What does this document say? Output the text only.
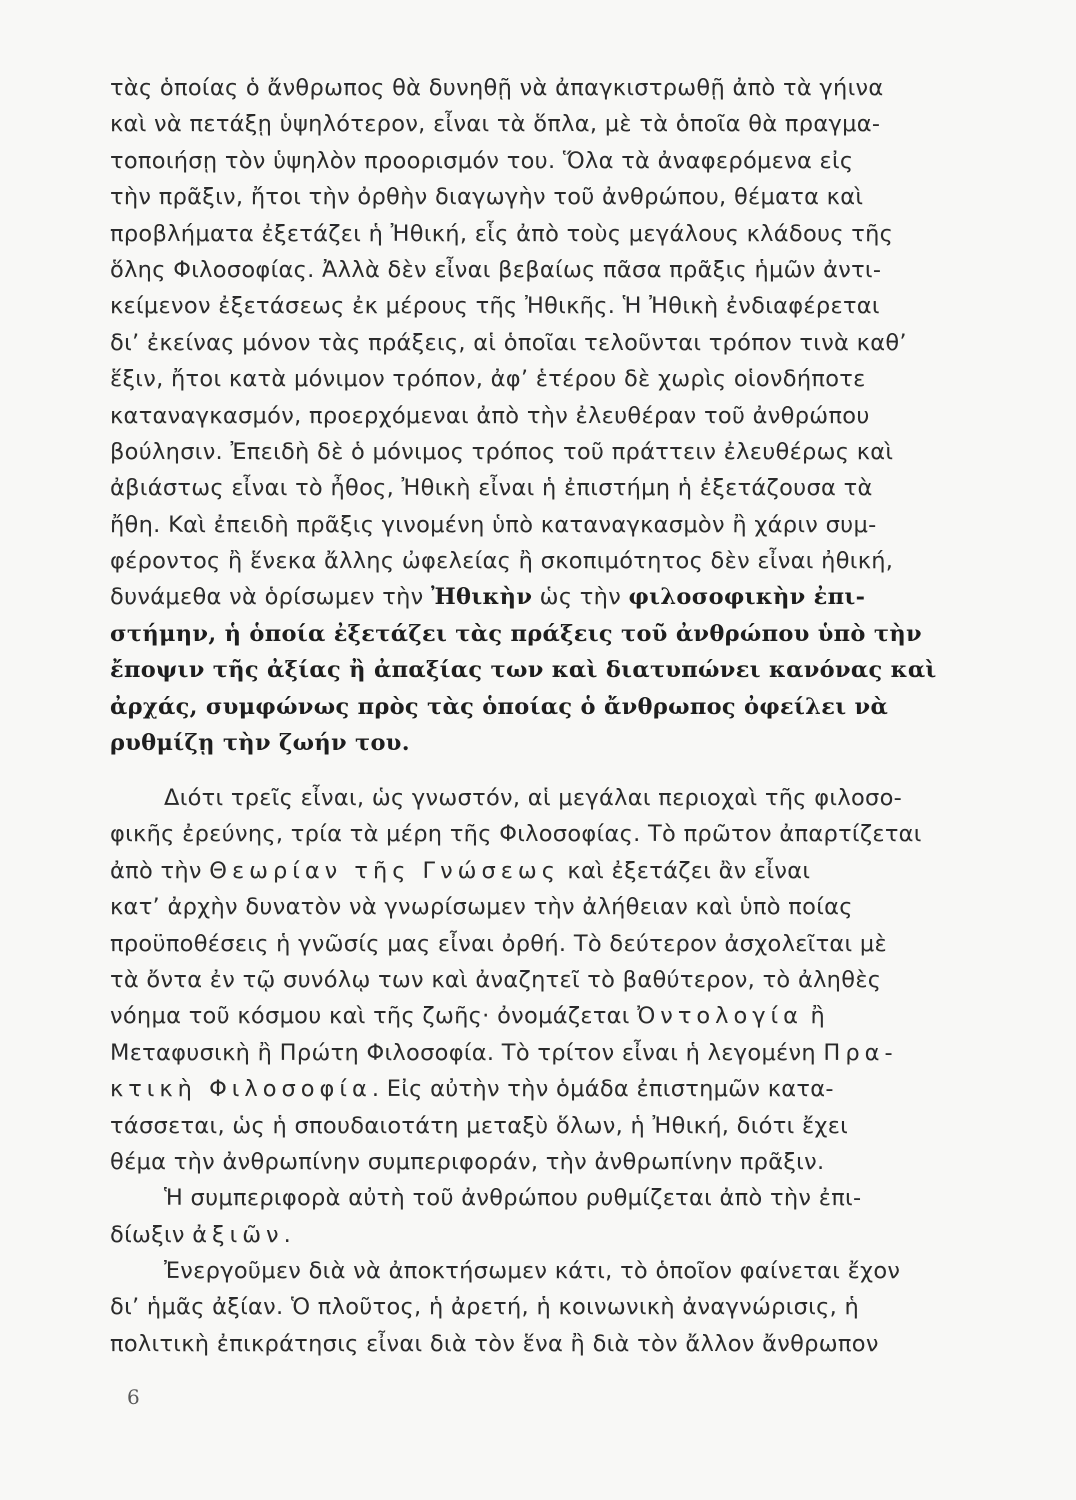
τὰς ὁποίας ὁ ἄνθρωπος θὰ δυνηθῇ νὰ ἀπαγκιστρωθῇ ἀπὸ τὰ γήινα
καὶ νὰ πετάξῃ ὑψηλότερον, εἶναι τὰ ὅπλα, μὲ τὰ ὁποῖα θὰ πραγμα-
τοποιήσῃ τὸν ὑψηλὸν προορισμόν του. Ὅλα τὰ ἀναφερόμενα εἰς
τὴν πρᾶξιν, ἤτοι τὴν ὀρθὴν διαγωγὴν τοῦ ἀνθρώπου, θέματα καὶ
προβλήματα ἐξετάζει ἡ Ἠθική, εἷς ἀπὸ τοὺς μεγάλους κλάδους τῆς
ὅλης Φιλοσοφίας. Ἀλλὰ δὲν εἶναι βεβαίως πᾶσα πρᾶξις ἡμῶν ἀντι-
κείμενον ἐξετάσεως ἐκ μέρους τῆς Ἠθικῆς. Ἡ Ἠθικὴ ἐνδιαφέρεται
δι’ ἐκείνας μόνον τὰς πράξεις, αἱ ὁποῖαι τελοῦνται τρόπον τινὰ καθ’
ἕξιν, ἤτοι κατὰ μόνιμον τρόπον, ἀφ’ ἑτέρου δὲ χωρὶς οἱονδήποτε
καταναγκασμόν, προερχόμεναι ἀπὸ τὴν ἐλευθέραν τοῦ ἀνθρώπου
βούλησιν. Ἐπειδὴ δὲ ὁ μόνιμος τρόπος τοῦ πράττειν ἐλευθέρως καὶ
ἀβιάστως εἶναι τὸ ἦθος, Ἠθικὴ εἶναι ἡ ἐπιστήμη ἡ ἐξετάζουσα τὰ
ἤθη. Καὶ ἐπειδὴ πρᾶξις γινομένη ὑπὸ καταναγκασμὸν ἢ χάριν συμ-
φέροντος ἢ ἕνεκα ἄλλης ὠφελείας ἢ σκοπιμότητος δὲν εἶναι ἠθική,
δυνάμεθα νὰ ὁρίσωμεν τὴν Ἠθικὴν ὡς τὴν φιλοσοφικὴν ἐπι-
στήμην, ἡ ὁποία ἐξετάζει τὰς πράξεις τοῦ ἀνθρώπου ὑπὸ τὴν
ἔποψιν τῆς ἀξίας ἢ ἀπαξίας των καὶ διατυπώνει κανόνας καὶ
ἀρχάς, συμφώνως πρὸς τὰς ὁποίας ὁ ἄνθρωπος ὀφείλει νὰ
ρυθμίζῃ τὴν ζωήν του.
Διότι τρεῖς εἶναι, ὡς γνωστόν, αἱ μεγάλαι περιοχαὶ τῆς φιλοσο-
φικῆς ἐρεύνης, τρία τὰ μέρη τῆς Φιλοσοφίας. Τὸ πρῶτον ἀπαρτίζεται
ἀπὸ τὴν Θεωρίαν τῆς Γνώσεως καὶ ἐξετάζει ἂν εἶναι
κατ’ ἀρχὴν δυνατὸν νὰ γνωρίσωμεν τὴν ἀλήθειαν καὶ ὑπὸ ποίας
προϋποθέσεις ἡ γνῶσίς μας εἶναι ὀρθή. Τὸ δεύτερον ἀσχολεῖται μὲ
τὰ ὄντα ἐν τῷ συνόλῳ των καὶ ἀναζητεῖ τὸ βαθύτερον, τὸ ἀληθὲς
νόημα τοῦ κόσμου καὶ τῆς ζωῆς· ὀνομάζεται Ὀντολογία ἢ
Μεταφυσικὴ ἢ Πρώτη Φιλοσοφία. Τὸ τρίτον εἶναι ἡ λεγομένη Πρα-
κτικὴ Φιλοσοφία. Εἰς αὐτὴν τὴν ὁμάδα ἐπιστημῶν κατα-
τάσσεται, ὡς ἡ σπουδαιοτάτη μεταξὺ ὅλων, ἡ Ἠθική, διότι ἔχει
θέμα τὴν ἀνθρωπίνην συμπεριφοράν, τὴν ἀνθρωπίνην πρᾶξιν.
Ἡ συμπεριφορὰ αὐτὴ τοῦ ἀνθρώπου ρυθμίζεται ἀπὸ τὴν ἐπι-
δίωξιν ἀξιῶν.
Ἐνεργοῦμεν διὰ νὰ ἀποκτήσωμεν κάτι, τὸ ὁποῖον φαίνεται ἔχον
δι’ ἡμᾶς ἀξίαν. Ὁ πλοῦτος, ἡ ἀρετή, ἡ κοινωνικὴ ἀναγνώρισις, ἡ
πολιτικὴ ἐπικράτησις εἶναι διὰ τὸν ἕνα ἢ διὰ τὸν ἄλλον ἄνθρωπον
6
